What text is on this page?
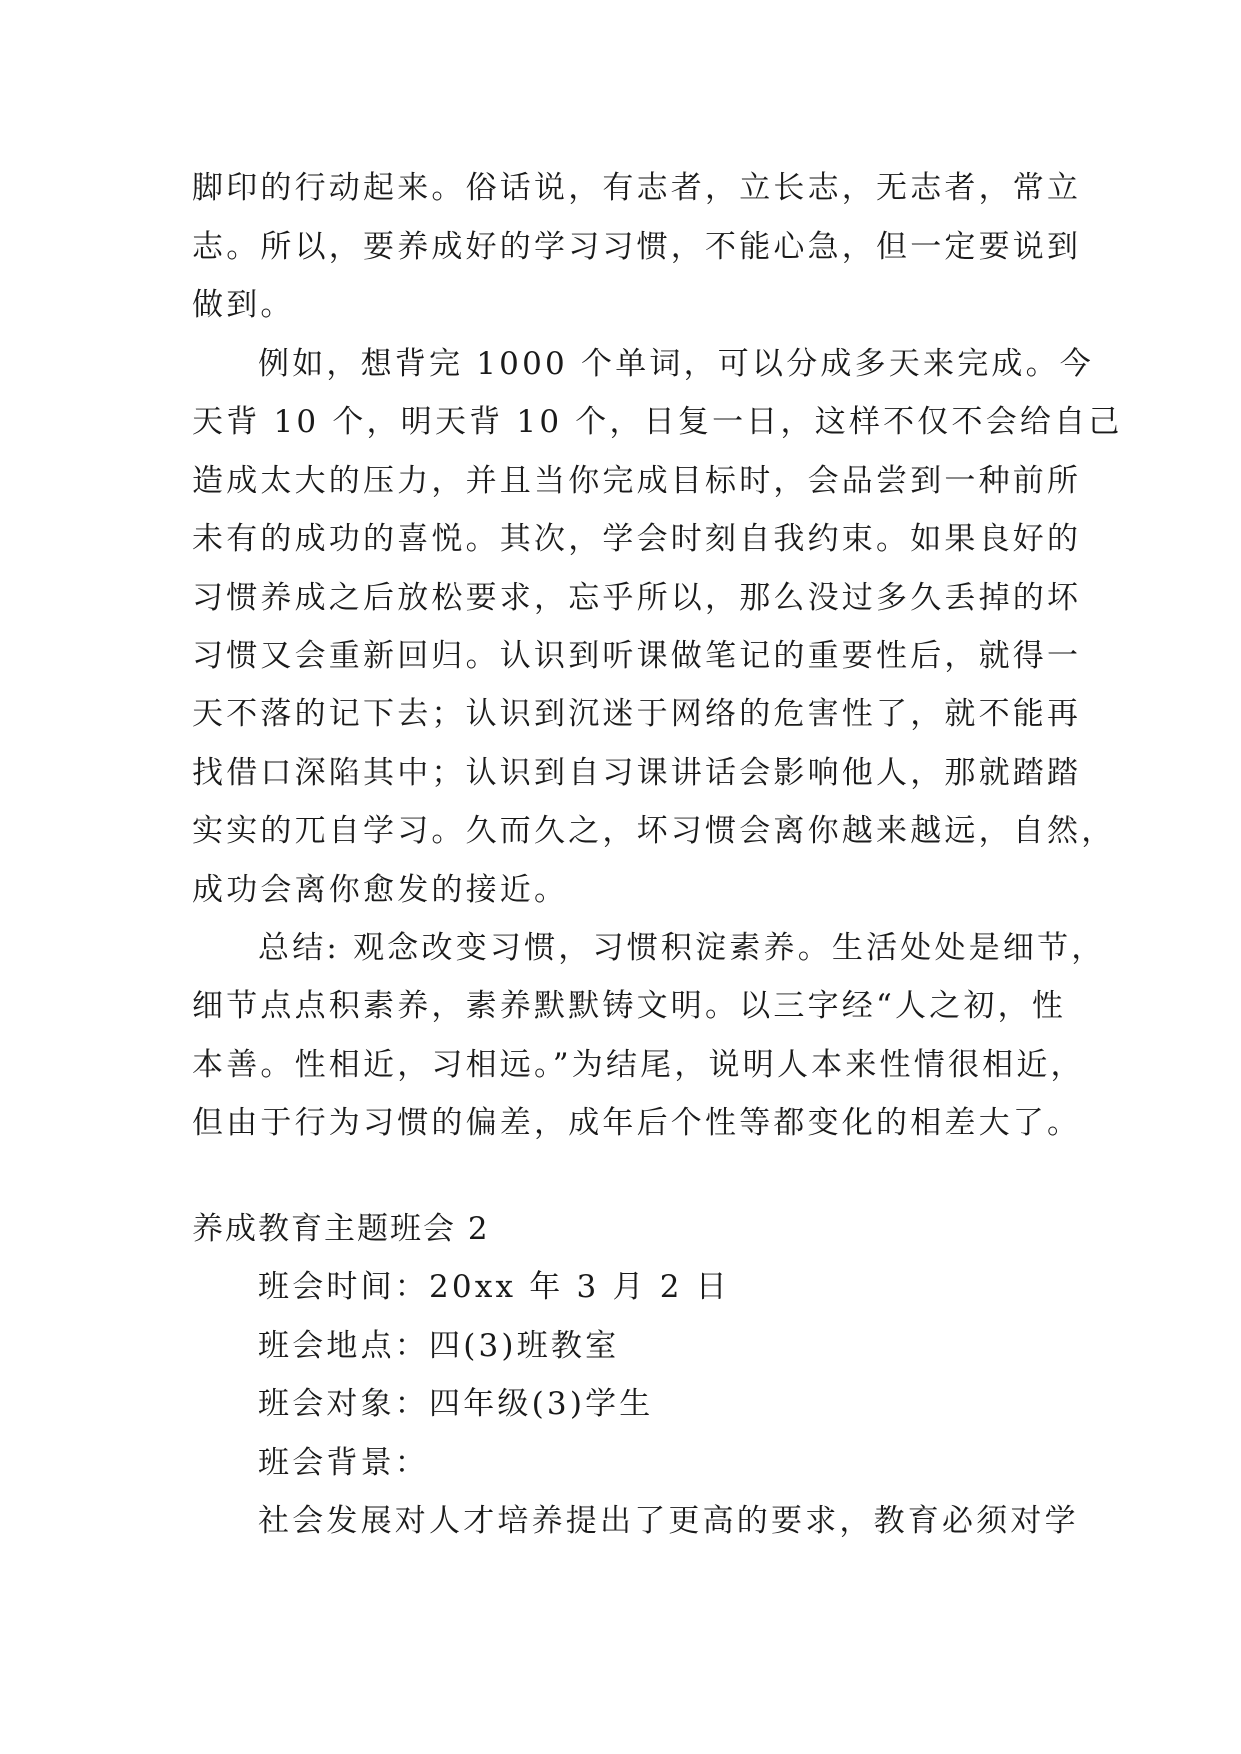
脚印的行动起来。俗话说，有志者，立长志，无志者，常立
志。所以，要养成好的学习习惯，不能心急，但一定要说到
做到。
例如，想背完 1000 个单词，可以分成多天来完成。今
天背 10 个，明天背 10 个，日复一日，这样不仅不会给自己
造成太大的压力，并且当你完成目标时，会品尝到一种前所
未有的成功的喜悦。其次，学会时刻自我约束。如果良好的
习惯养成之后放松要求，忘乎所以，那么没过多久丢掉的坏
习惯又会重新回归。认识到听课做笔记的重要性后，就得一
天不落的记下去；认识到沉迷于网络的危害性了，就不能再
找借口深陷其中；认识到自习课讲话会影响他人，那就踏踏
实实的兀自学习。久而久之，坏习惯会离你越来越远，自然，
成功会离你愈发的接近。
总结: 观念改变习惯，习惯积淀素养。生活处处是细节，
细节点点积素养，素养默默铸文明。以三字经“人之初，性
本善。性相近，习相远。”为结尾，说明人本来性情很相近，
但由于行为习惯的偏差，成年后个性等都变化的相差大了。
养成教育主题班会 2
班会时间：20xx 年 3 月 2 日
班会地点：四(3)班教室
班会对象：四年级(3)学生
班会背景：
社会发展对人才培养提出了更高的要求，教育必须对学
